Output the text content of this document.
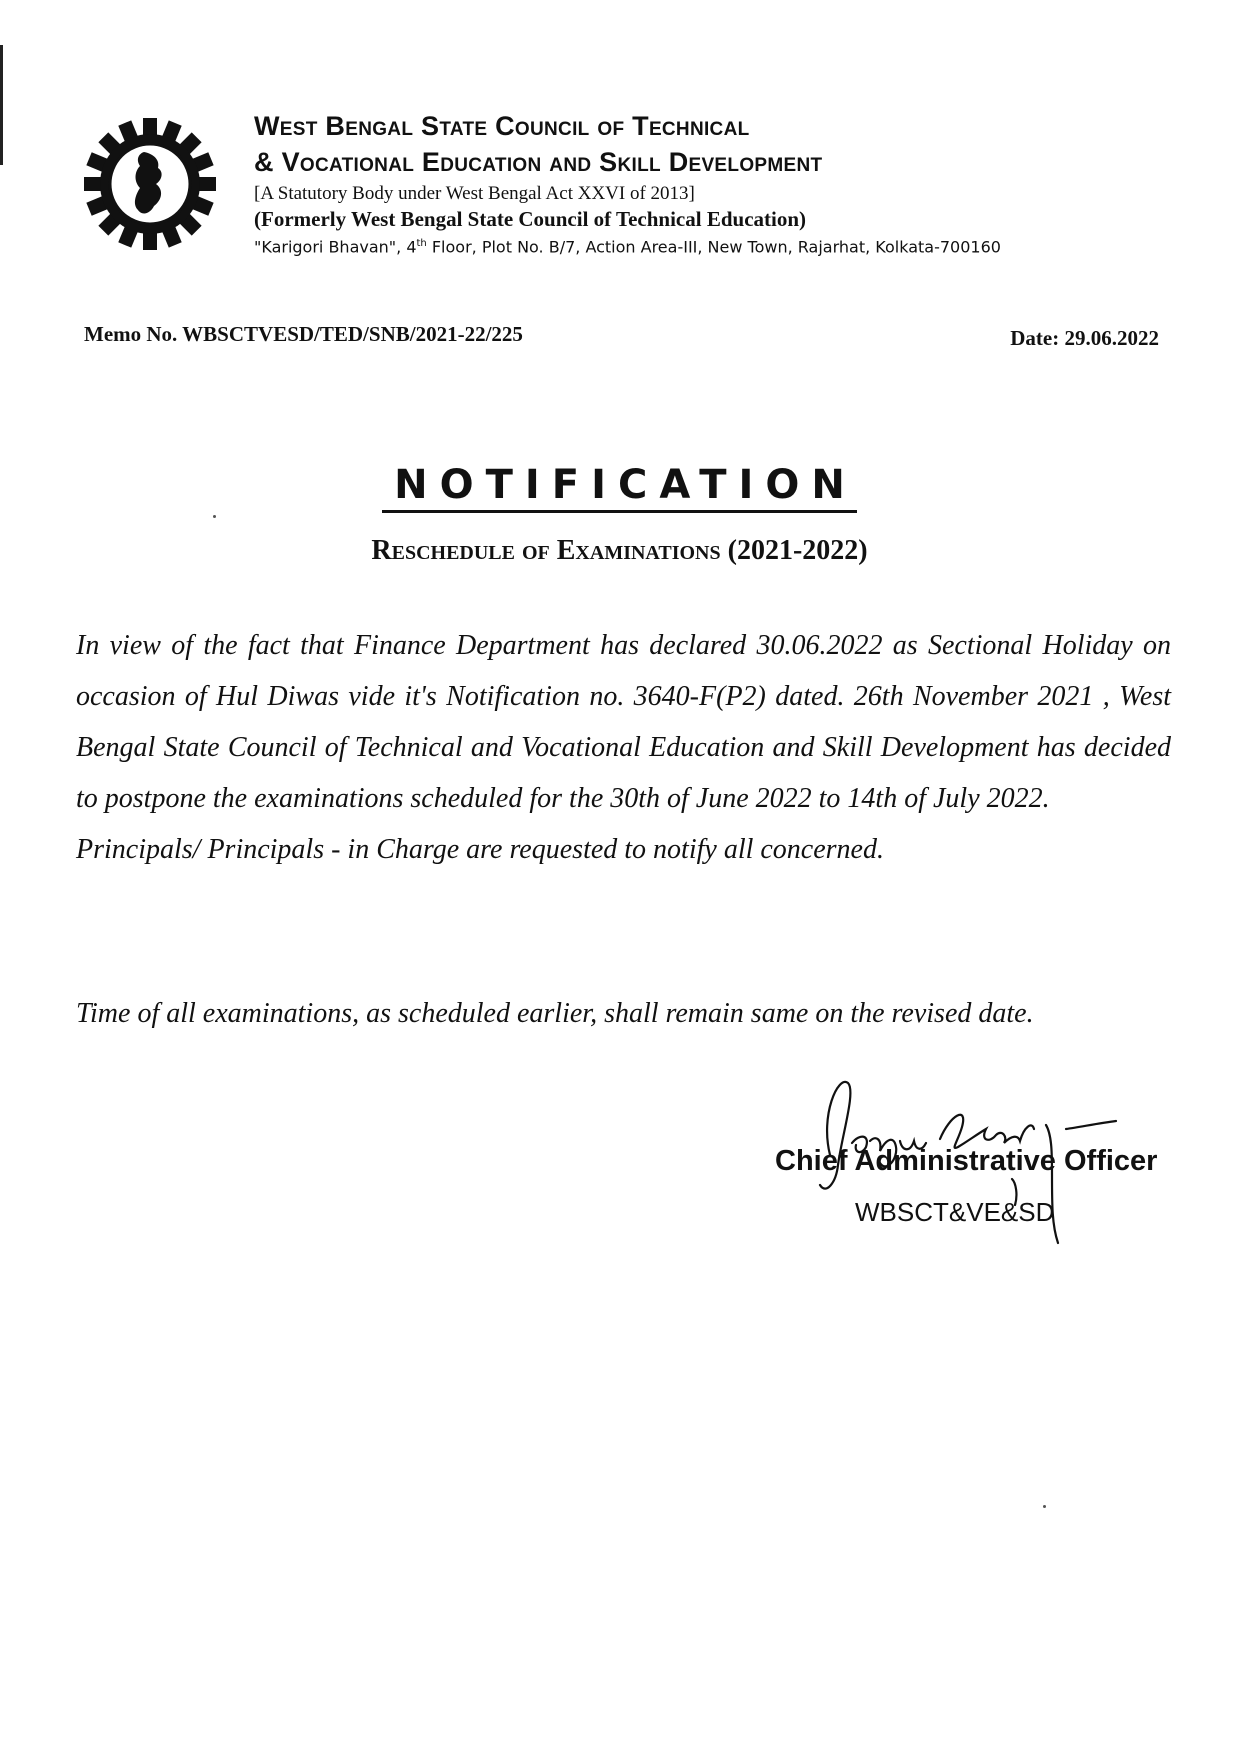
West Bengal State Council of Technical
& Vocational Education and Skill Development
[A Statutory Body under West Bengal Act XXVI of 2013]
(Formerly West Bengal State Council of Technical Education)
"Karigori Bhavan", 4th Floor, Plot No. B/7, Action Area-III, New Town, Rajarhat, Kolkata-700160
Memo No. WBSCTVESD/TED/SNB/2021-22/225	Date: 29.06.2022
NOTIFICATION
Reschedule of Examinations (2021-2022)
In view of the fact that Finance Department has declared 30.06.2022 as Sectional Holiday on occasion of Hul Diwas vide it's Notification no. 3640-F(P2) dated. 26th November 2021 , West Bengal State Council of Technical and Vocational Education and Skill Development has decided to postpone the examinations scheduled for the 30th of June 2022 to 14th of July 2022.
Principals/ Principals - in Charge are requested to notify all concerned.
Time of all examinations, as scheduled earlier, shall remain same on the revised date.
Chief Administrative Officer
WBSCT&VE&SD
